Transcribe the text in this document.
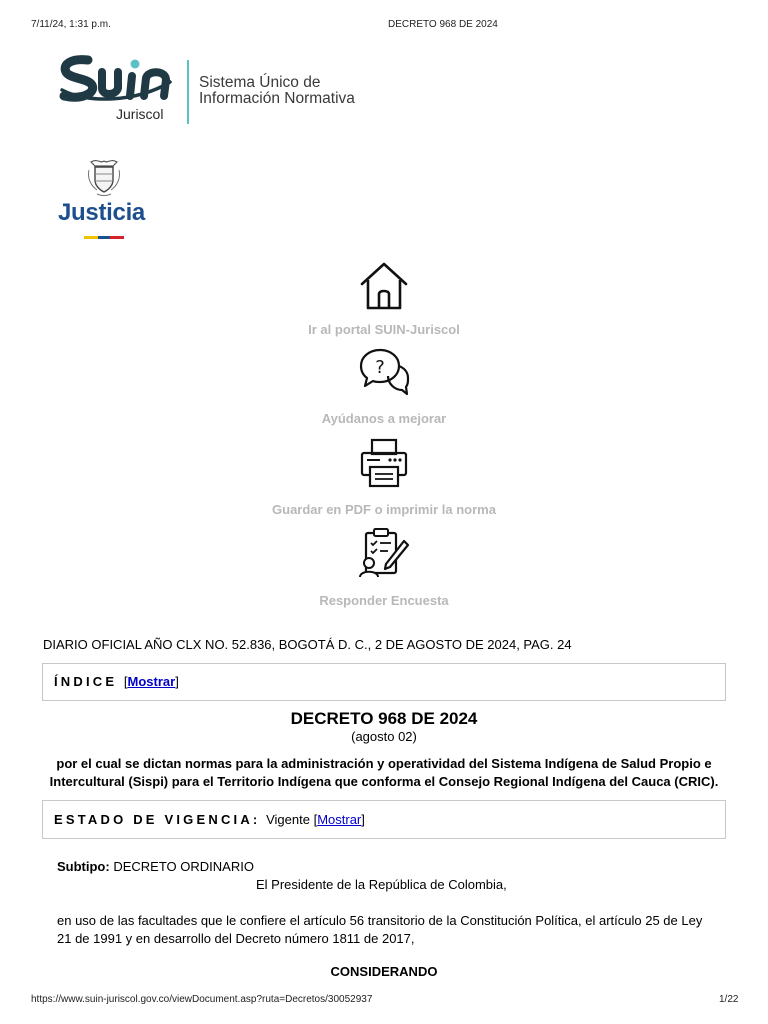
7/11/24, 1:31 p.m.	DECRETO 968 DE 2024
Juriscol
Sistema Único de
Información Normativa
Justicia
Ir al portal SUIN-Juriscol
?
Ayúdanos a mejorar
Guardar en PDF o imprimir la norma
Responder Encuesta
DIARIO OFICIAL AÑO CLX NO. 52.836, BOGOTÁ D. C., 2 DE AGOSTO DE 2024, PAG. 24
ÍNDICE [Mostrar]
DECRETO 968 DE 2024
(agosto 02)
por el cual se dictan normas para la administración y operatividad del Sistema Indígena de Salud Propio e Intercultural (Sispi) para el Territorio Indígena que conforma el Consejo Regional Indígena del Cauca (CRIC).
ESTADO DE VIGENCIA: Vigente [Mostrar]
Subtipo: DECRETO ORDINARIO
El Presidente de la República de Colombia,
en uso de las facultades que le confiere el artículo 56 transitorio de la Constitución Política, el artículo 25 de Ley
21 de 1991 y en desarrollo del Decreto número 1811 de 2017,
CONSIDERANDO
https://www.suin-juriscol.gov.co/viewDocument.asp?ruta=Decretos/30052937	1/22
